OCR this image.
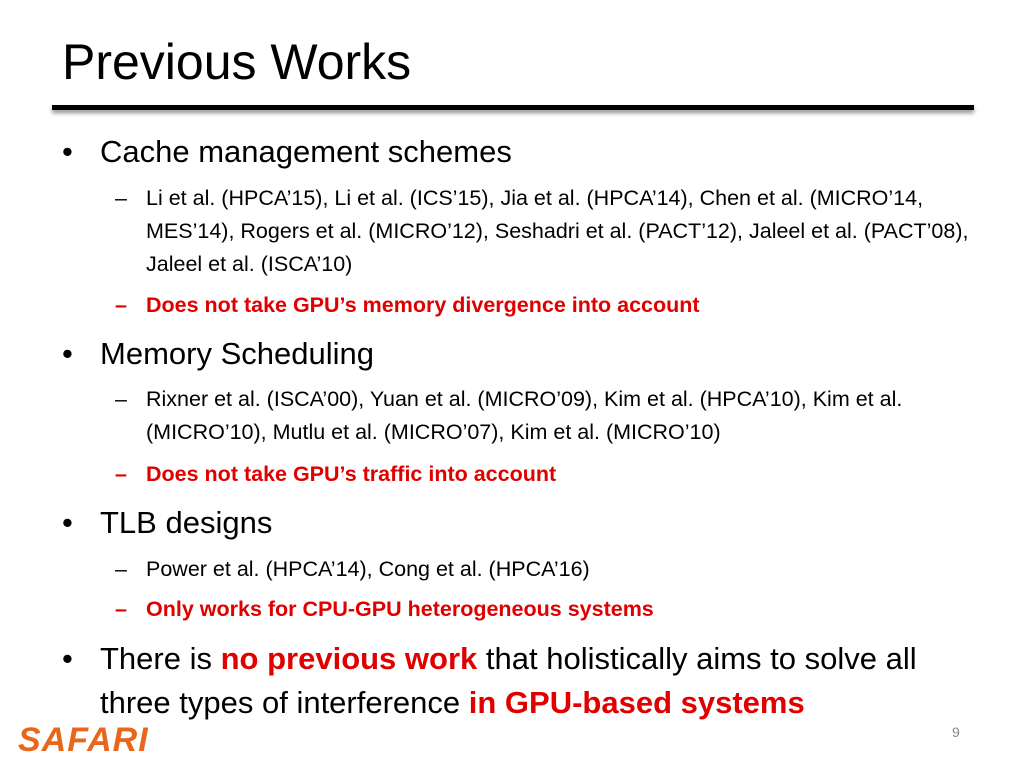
Previous Works
• Cache management schemes
– Li et al. (HPCA’15), Li et al. (ICS’15), Jia et al. (HPCA’14), Chen et al. (MICRO’14, MES’14), Rogers et al. (MICRO’12), Seshadri et al. (PACT’12), Jaleel et al. (PACT’08), Jaleel et al. (ISCA’10)
– Does not take GPU’s memory divergence into account
• Memory Scheduling
– Rixner et al. (ISCA’00), Yuan et al. (MICRO’09), Kim et al. (HPCA’10), Kim et al. (MICRO’10), Mutlu et al. (MICRO’07), Kim et al. (MICRO’10)
– Does not take GPU’s traffic into account
• TLB designs
– Power et al. (HPCA’14), Cong et al. (HPCA’16)
– Only works for CPU-GPU heterogeneous systems
• There is no previous work that holistically aims to solve all three types of interference in GPU-based systems
SAFARI	9
